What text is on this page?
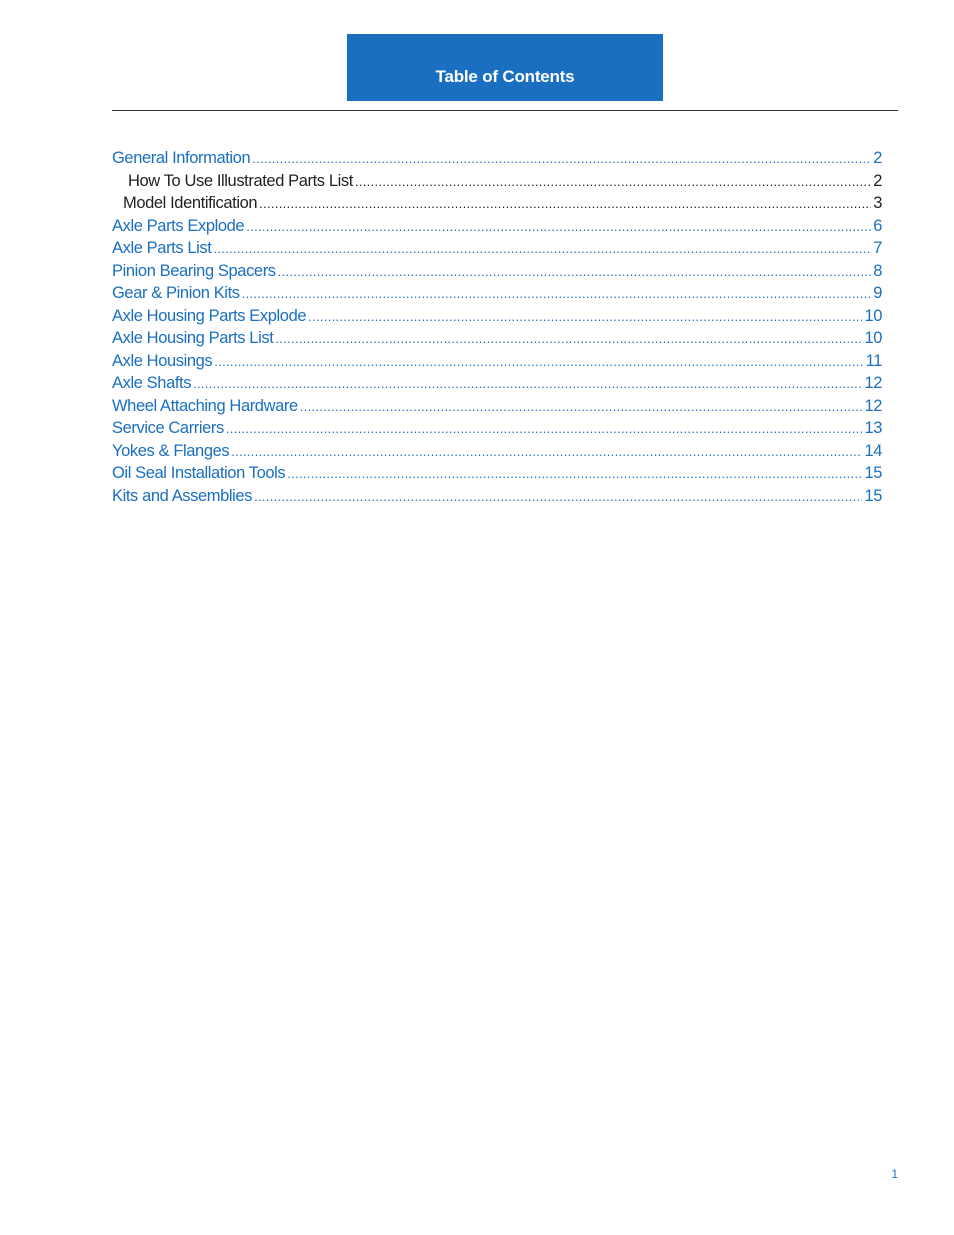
Table of Contents
General Information .....	2
How To Use Illustrated Parts List .....	2
Model Identification .....	3
Axle Parts Explode .....	6
Axle Parts List .....	7
Pinion Bearing Spacers .....	8
Gear & Pinion Kits .....	9
Axle Housing Parts Explode .....	10
Axle Housing Parts List .....	10
Axle Housings .....	11
Axle Shafts .....	12
Wheel Attaching Hardware .....	12
Service Carriers .....	13
Yokes & Flanges .....	14
Oil Seal Installation Tools .....	15
Kits and Assemblies .....	15
1
